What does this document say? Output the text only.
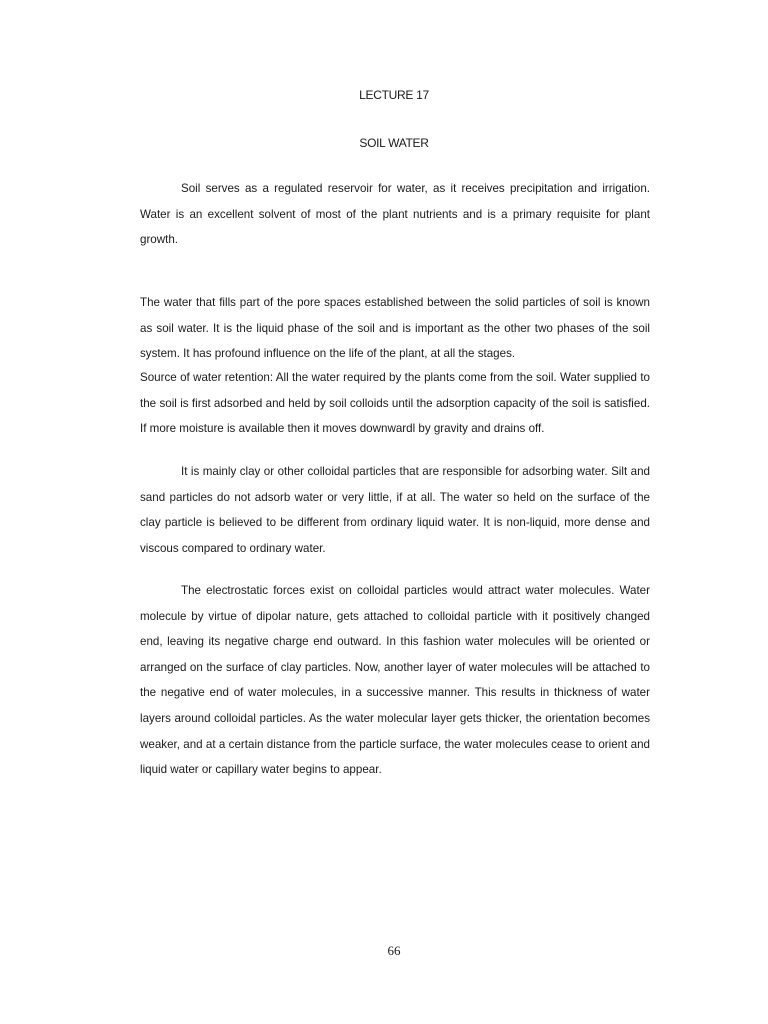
LECTURE 17
SOIL WATER

Soil serves as a regulated reservoir for water, as it receives precipitation and irrigation. Water is an excellent solvent of most of the plant nutrients and is a primary requisite for plant growth.

The water that fills part of the pore spaces established between the solid particles of soil is known as soil water. It is the liquid phase of the soil and is important as the other two phases of the soil system. It has profound influence on the life of the plant, at all the stages.

Source of water retention: All the water required by the plants come from the soil. Water supplied to the soil is first adsorbed and held by soil colloids until the adsorption capacity of the soil is satisfied. If more moisture is available then it moves downwardl by gravity and drains off.

It is mainly clay or other colloidal particles that are responsible for adsorbing water. Silt and sand particles do not adsorb water or very little, if at all. The water so held on the surface of the clay particle is believed to be different from ordinary liquid water. It is non-liquid, more dense and viscous compared to ordinary water.

The electrostatic forces exist on colloidal particles would attract water molecules. Water molecule by virtue of dipolar nature, gets attached to colloidal particle with it positively changed end, leaving its negative charge end outward. In this fashion water molecules will be oriented or arranged on the surface of clay particles. Now, another layer of water molecules will be attached to the negative end of water molecules, in a successive manner. This results in thickness of water layers around colloidal particles. As the water molecular layer gets thicker, the orientation becomes weaker, and at a certain distance from the particle surface, the water molecules cease to orient and liquid water or capillary water begins to appear.

66
